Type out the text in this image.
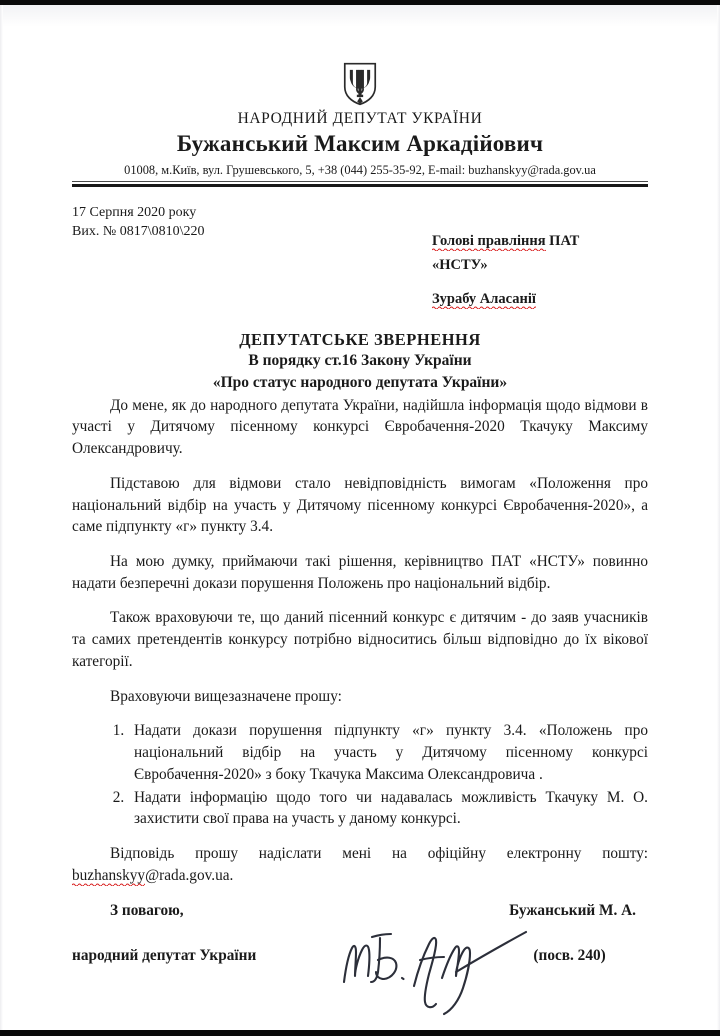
НАРОДНИЙ ДЕПУТАТ УКРАЇНИ
Бужанський Максим Аркадійович
01008, м.Київ, вул. Грушевського, 5, +38 (044) 255-35-92, E-mail: buzhanskyy@rada.gov.ua
17 Серпня 2020 року
Вих. № 0817\0810\220
Голові правління ПАТ
«НСТУ»
Зурабу Аласанії
ДЕПУТАТСЬКЕ ЗВЕРНЕННЯ
В порядку ст.16 Закону України
«Про статус народного депутата України»

До мене, як до народного депутата України, надійшла інформація щодо відмови в участі у Дитячому пісенному конкурсі Євробачення-2020 Ткачуку Максиму Олександровичу.

Підставою для відмови стало невідповідність вимогам «Положення про національний відбір на участь у Дитячому пісенному конкурсі Євробачення-2020», а саме підпункту «г» пункту 3.4.

На мою думку, приймаючи такі рішення, керівництво ПАТ «НСТУ» повинно надати безперечні докази порушення Положень про національний відбір.

Також враховуючи те, що даний пісенний конкурс є дитячим - до заяв учасників та самих претендентів конкурсу потрібно відноситись більш відповідно до їх вікової категорії.

Враховуючи вищезазначене прошу:

1. Надати докази порушення підпункту «г» пункту 3.4. «Положень про національний відбір на участь у Дитячому пісенному конкурсі Євробачення-2020» з боку Ткачука Максима Олександровича .
2. Надати інформацію щодо того чи надавалась можливість Ткачуку М. О. захистити свої права на участь у даному конкурсі.

Відповідь прошу надіслати мені на офіційну електронну пошту: buzhanskyy@rada.gov.ua.

З повагою,
народний депутат України
Бужанський М. А.
(посв. 240)
